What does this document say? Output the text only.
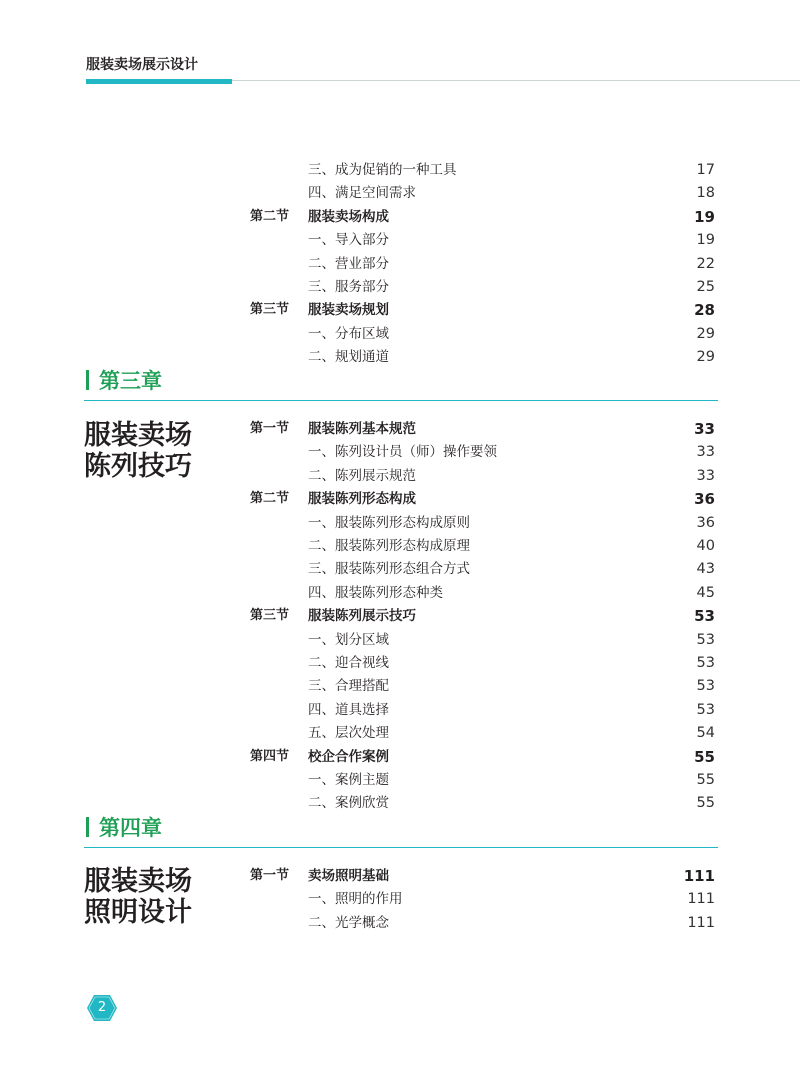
服装卖场展示设计
三、成为促销的一种工具	17
四、满足空间需求	18
第二节 服装卖场构成	19
一、导入部分	19
二、营业部分	22
三、服务部分	25
第三节 服装卖场规划	28
一、分布区域	29
二、规划通道	29
第三章
服装卖场
陈列技巧
第一节 服装陈列基本规范	33
一、陈列设计员（师）操作要领	33
二、陈列展示规范	33
第二节 服装陈列形态构成	36
一、服装陈列形态构成原则	36
二、服装陈列形态构成原理	40
三、服装陈列形态组合方式	43
四、服装陈列形态种类	45
第三节 服装陈列展示技巧	53
一、划分区域	53
二、迎合视线	53
三、合理搭配	53
四、道具选择	53
五、层次处理	54
第四节 校企合作案例	55
一、案例主题	55
二、案例欣赏	55
第四章
服装卖场
照明设计
第一节 卖场照明基础	111
一、照明的作用	111
二、光学概念	111
2
